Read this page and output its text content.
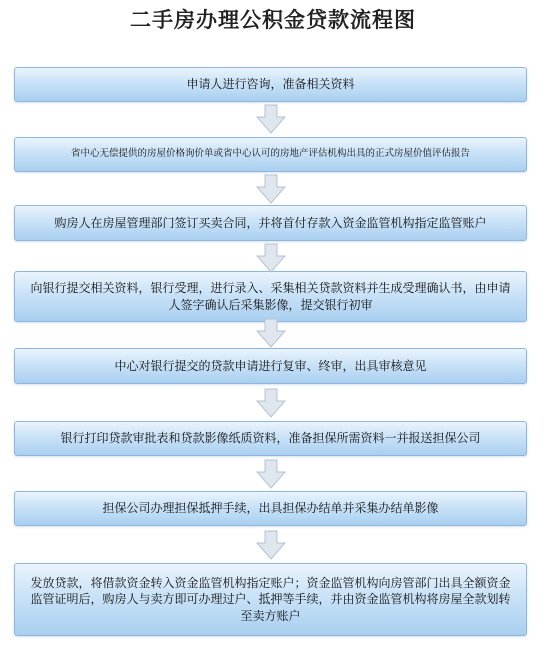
二手房办理公积金贷款流程图
申请人进行咨询，准备相关资料
省中心无偿提供的房屋价格询价单或省中心认可的房地产评估机构出具的正式房屋价值评估报告
购房人在房屋管理部门签订买卖合同，并将首付存款入资金监管机构指定监管账户
向银行提交相关资料，银行受理，进行录入、采集相关贷款资料并生成受理确认书，由申请人签字确认后采集影像，提交银行初审
中心对银行提交的贷款申请进行复审、终审，出具审核意见
银行打印贷款审批表和贷款影像纸质资料，准备担保所需资料一并报送担保公司
担保公司办理担保抵押手续，出具担保办结单并采集办结单影像
发放贷款，将借款资金转入资金监管机构指定账户；资金监管机构向房管部门出具全额资金监管证明后，购房人与卖方即可办理过户、抵押等手续，并由资金监管机构将房屋全款划转至卖方账户
